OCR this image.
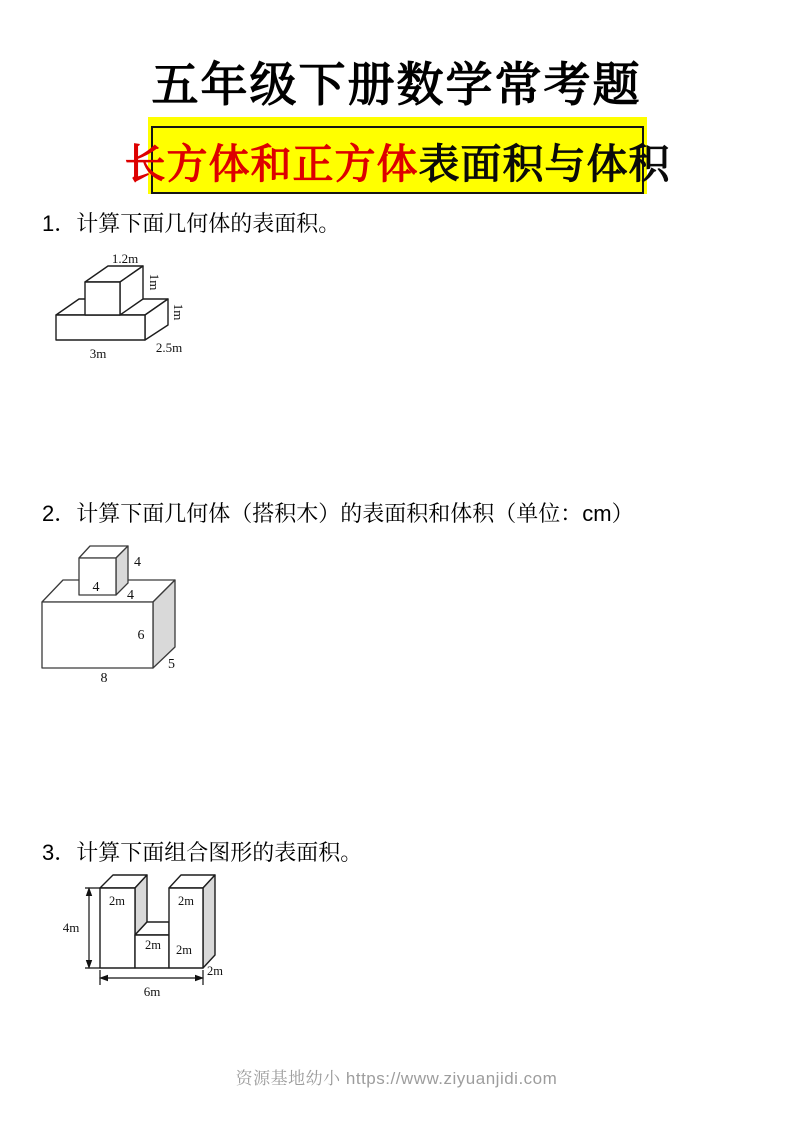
五年级下册数学常考题
长方体和正方体 表面积与体积

1．计算下面几何体的表面积。

1.2m
1m
1m
2.5m
3m

2．计算下面几何体（搭积木）的表面积和体积（单位：cm）

4
4
4
6
5
8

3．计算下面组合图形的表面积。

4m
2m	2m
2m 2m
2m
6m
资源基地幼小 https://www.ziyuanjidi.com
